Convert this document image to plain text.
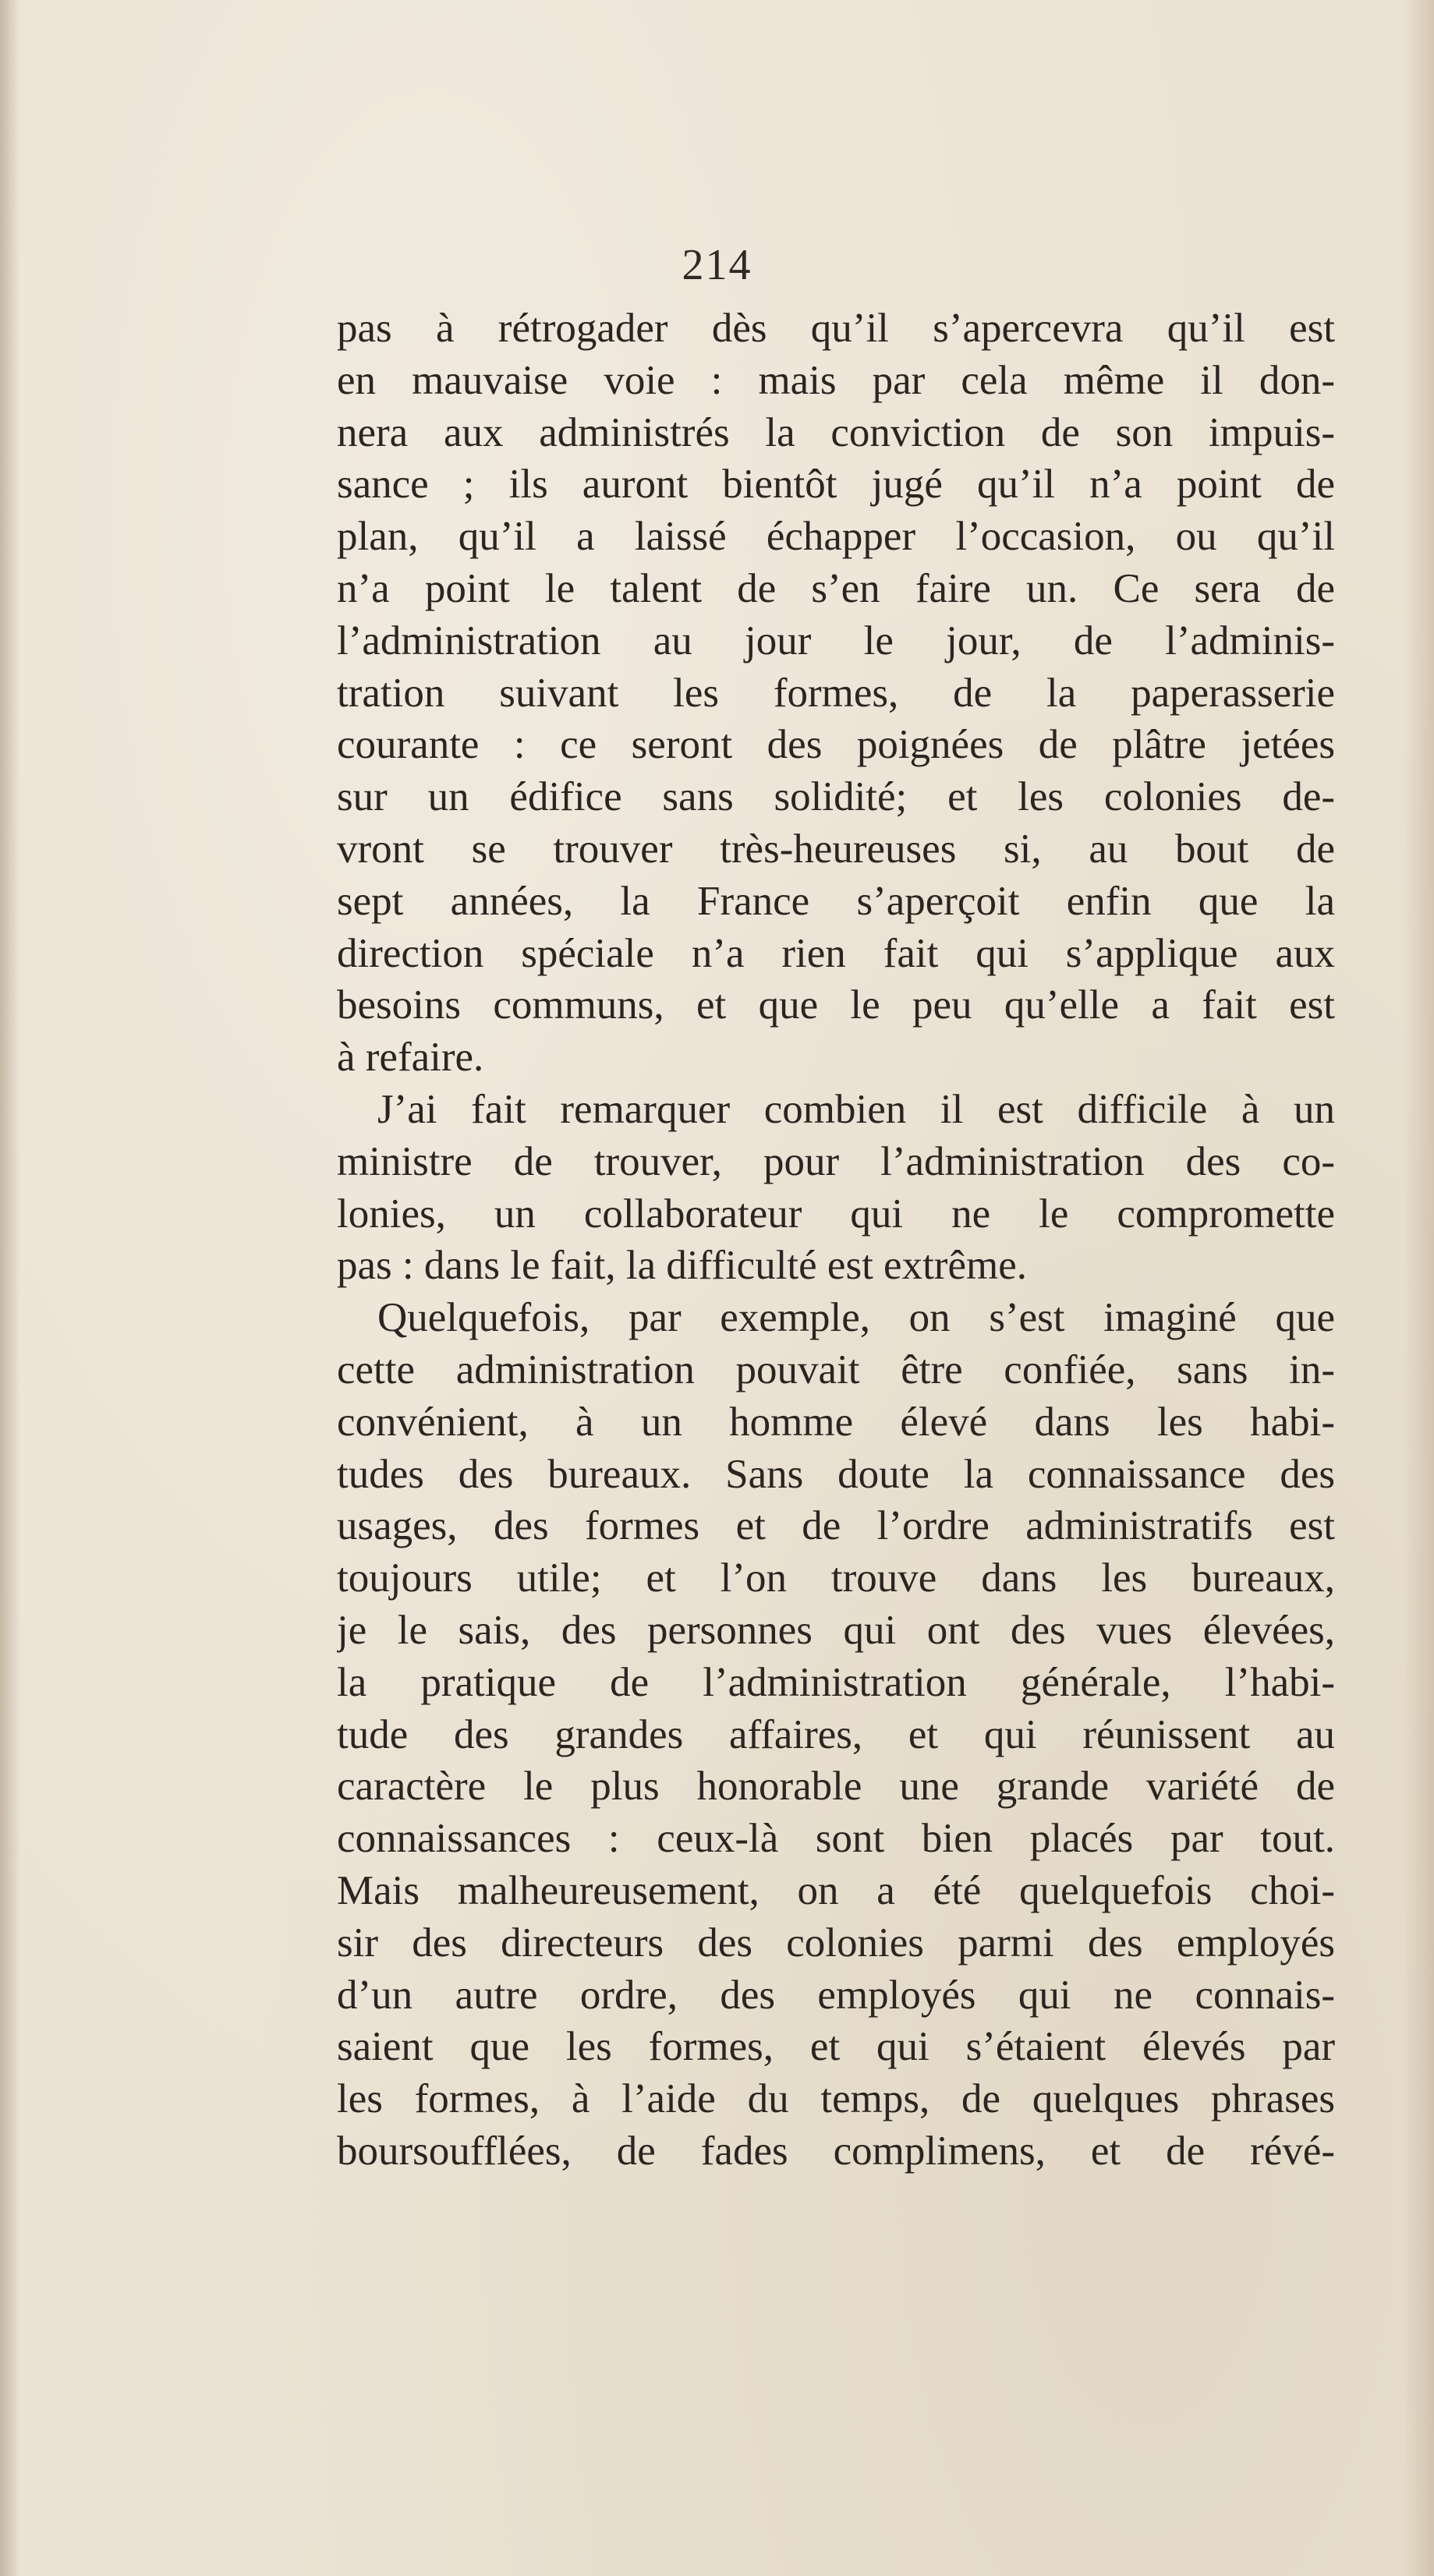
214
pas à rétrogader dès qu’il s’apercevra qu’il est
en mauvaise voie : mais par cela même il don-
nera aux administrés la conviction de son impuis-
sance ; ils auront bientôt jugé qu’il n’a point de
plan, qu’il a laissé échapper l’occasion, ou qu’il
n’a point le talent de s’en faire un. Ce sera de
l’administration au jour le jour, de l’adminis-
tration suivant les formes, de la paperasserie
courante : ce seront des poignées de plâtre jetées
sur un édifice sans solidité; et les colonies de-
vront se trouver très-heureuses si, au bout de
sept années, la France s’aperçoit enfin que la
direction spéciale n’a rien fait qui s’applique aux
besoins communs, et que le peu qu’elle a fait est
à refaire.
J’ai fait remarquer combien il est difficile à un
ministre de trouver, pour l’administration des co-
lonies, un collaborateur qui ne le compromette
pas : dans le fait, la difficulté est extrême.
Quelquefois, par exemple, on s’est imaginé que
cette administration pouvait être confiée, sans in-
convénient, à un homme élevé dans les habi-
tudes des bureaux. Sans doute la connaissance des
usages, des formes et de l’ordre administratifs est
toujours utile; et l’on trouve dans les bureaux,
je le sais, des personnes qui ont des vues élevées,
la pratique de l’administration générale, l’habi-
tude des grandes affaires, et qui réunissent au
caractère le plus honorable une grande variété de
connaissances : ceux-là sont bien placés par tout.
Mais malheureusement, on a été quelquefois choi-
sir des directeurs des colonies parmi des employés
d’un autre ordre, des employés qui ne connais-
saient que les formes, et qui s’étaient élevés par
les formes, à l’aide du temps, de quelques phrases
boursoufflées, de fades complimens, et de révé-
